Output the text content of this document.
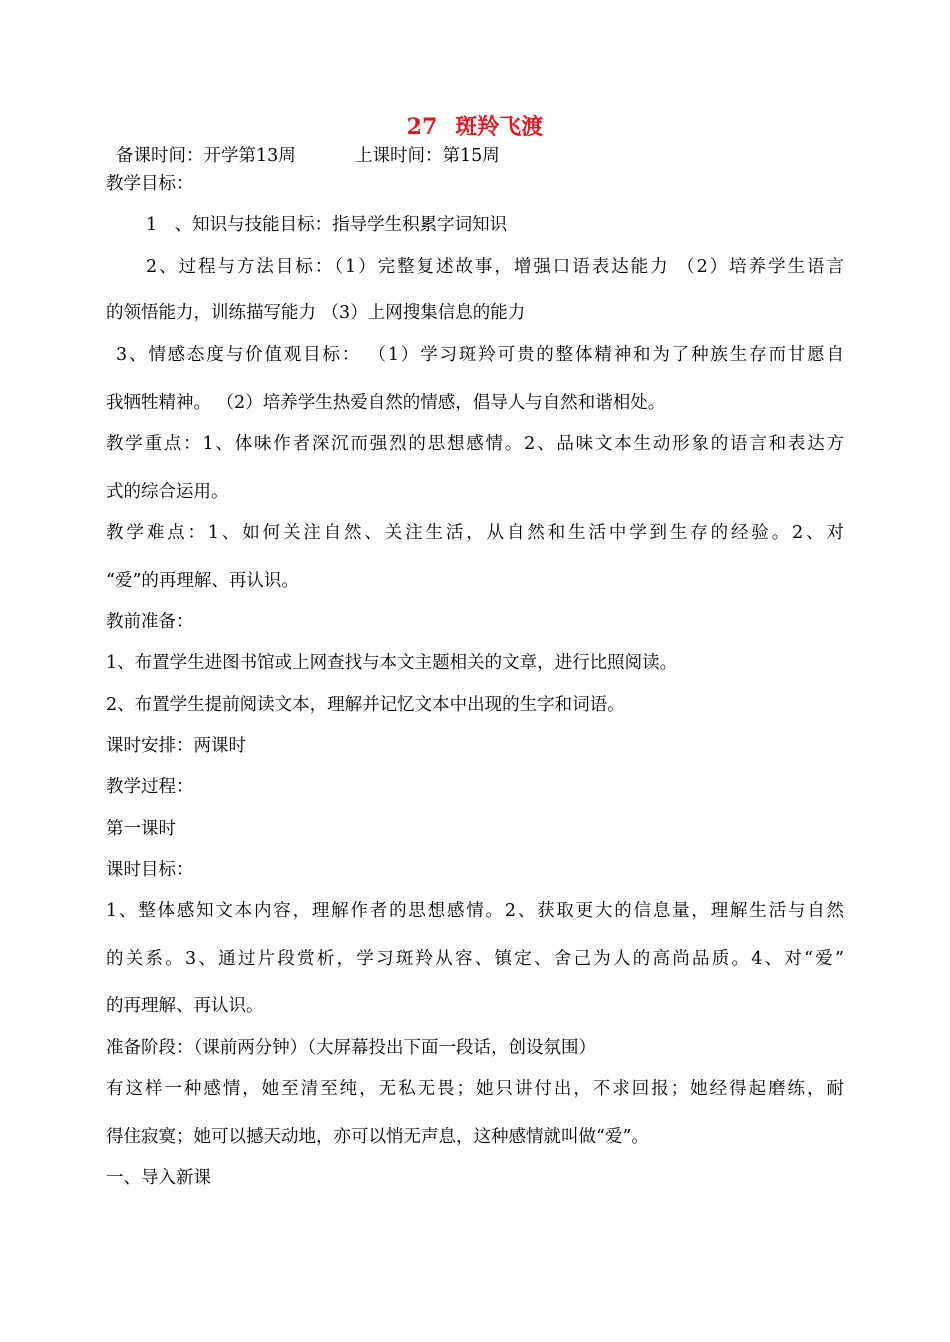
27 斑羚飞渡
备课时间：开学第13周	上课时间：第15周
教学目标：
1　、知识与技能目标：指导学生积累字词知识
2、过程与方法目标：（1）完整复述故事，增强口语表达能力 （2）培养学生语言
的领悟能力，训练描写能力 （3）上网搜集信息的能力
3、情感态度与价值观目标： （1）学习斑羚可贵的整体精神和为了种族生存而甘愿自
我牺牲精神。 （2）培养学生热爱自然的情感，倡导人与自然和谐相处。
教学重点：1、体味作者深沉而强烈的思想感情。2、品味文本生动形象的语言和表达方
式的综合运用。
教学难点：1、如何关注自然、关注生活，从自然和生活中学到生存的经验。2、对
“爱”的再理解、再认识。
教前准备：
1、布置学生进图书馆或上网查找与本文主题相关的文章，进行比照阅读。
2、布置学生提前阅读文本，理解并记忆文本中出现的生字和词语。
课时安排：两课时
教学过程：
第一课时
课时目标：
1、整体感知文本内容，理解作者的思想感情。2、获取更大的信息量，理解生活与自然
的关系。3、通过片段赏析，学习斑羚从容、镇定、舍己为人的高尚品质。4、对“爱”
的再理解、再认识。
准备阶段：（课前两分钟）（大屏幕投出下面一段话，创设氛围）
有这样一种感情，她至清至纯，无私无畏；她只讲付出，不求回报；她经得起磨练，耐
得住寂寞；她可以撼天动地，亦可以悄无声息，这种感情就叫做“爱”。
一、导入新课
